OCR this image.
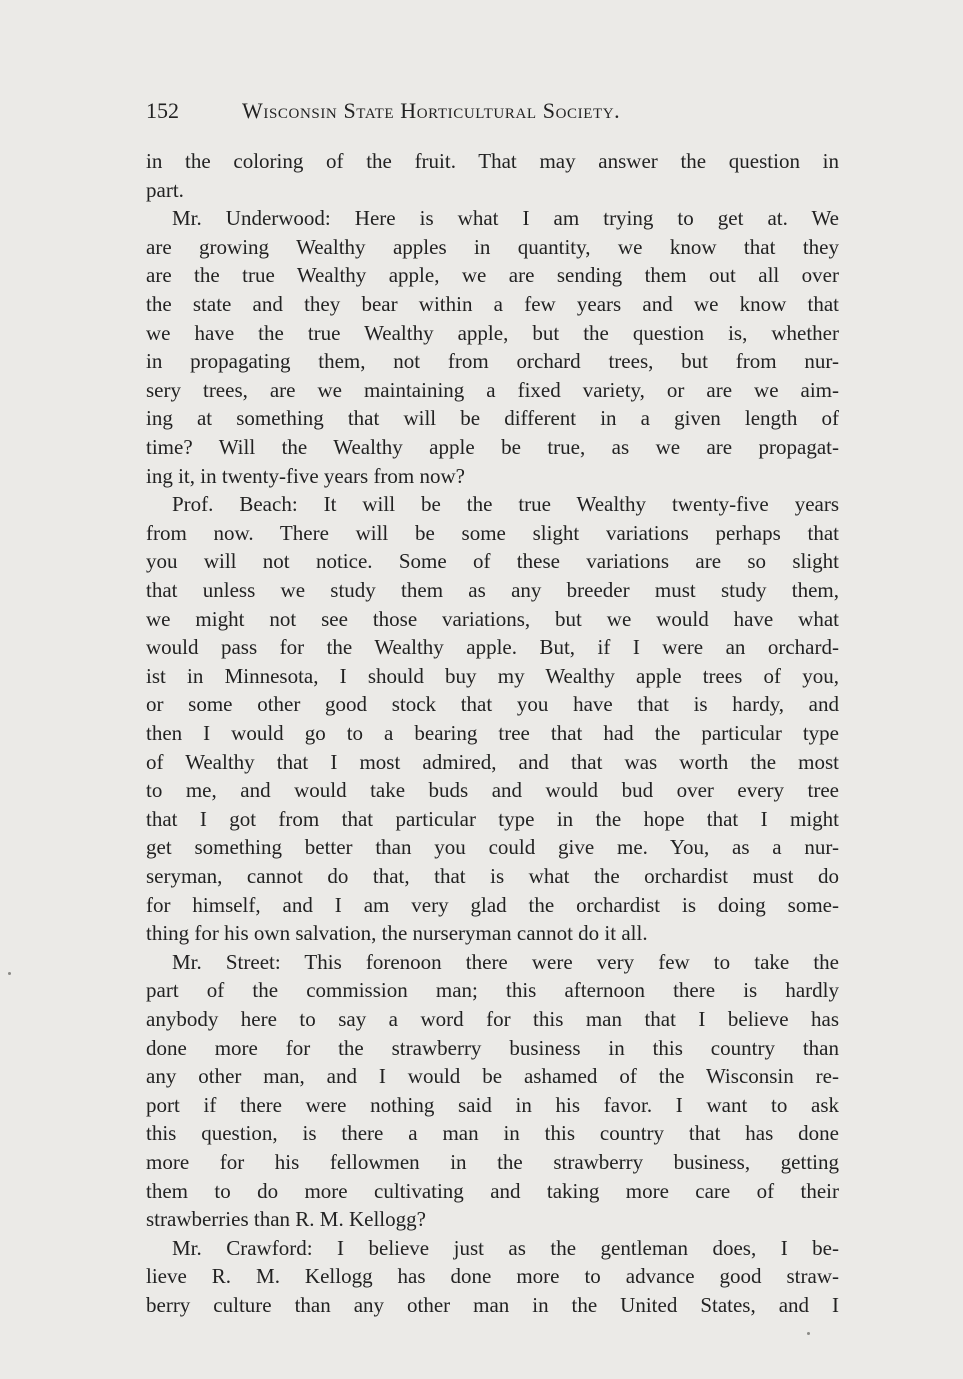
152	Wisconsin State Horticultural Society.
in the coloring of the fruit. That may answer the question in
part.
Mr. Underwood: Here is what I am trying to get at. We
are growing Wealthy apples in quantity, we know that they
are the true Wealthy apple, we are sending them out all over
the state and they bear within a few years and we know that
we have the true Wealthy apple, but the question is, whether
in propagating them, not from orchard trees, but from nur-
sery trees, are we maintaining a fixed variety, or are we aim-
ing at something that will be different in a given length of
time? Will the Wealthy apple be true, as we are propagat-
ing it, in twenty-five years from now?
Prof. Beach: It will be the true Wealthy twenty-five years
from now. There will be some slight variations perhaps that
you will not notice. Some of these variations are so slight
that unless we study them as any breeder must study them,
we might not see those variations, but we would have what
would pass for the Wealthy apple. But, if I were an orchard-
ist in Minnesota, I should buy my Wealthy apple trees of you,
or some other good stock that you have that is hardy, and
then I would go to a bearing tree that had the particular type
of Wealthy that I most admired, and that was worth the most
to me, and would take buds and would bud over every tree
that I got from that particular type in the hope that I might
get something better than you could give me. You, as a nur-
seryman, cannot do that, that is what the orchardist must do
for himself, and I am very glad the orchardist is doing some-
thing for his own salvation, the nurseryman cannot do it all.
Mr. Street: This forenoon there were very few to take the
part of the commission man; this afternoon there is hardly
anybody here to say a word for this man that I believe has
done more for the strawberry business in this country than
any other man, and I would be ashamed of the Wisconsin re-
port if there were nothing said in his favor. I want to ask
this question, is there a man in this country that has done
more for his fellowmen in the strawberry business, getting
them to do more cultivating and taking more care of their
strawberries than R. M. Kellogg?
Mr. Crawford: I believe just as the gentleman does, I be-
lieve R. M. Kellogg has done more to advance good straw-
berry culture than any other man in the United States, and I
